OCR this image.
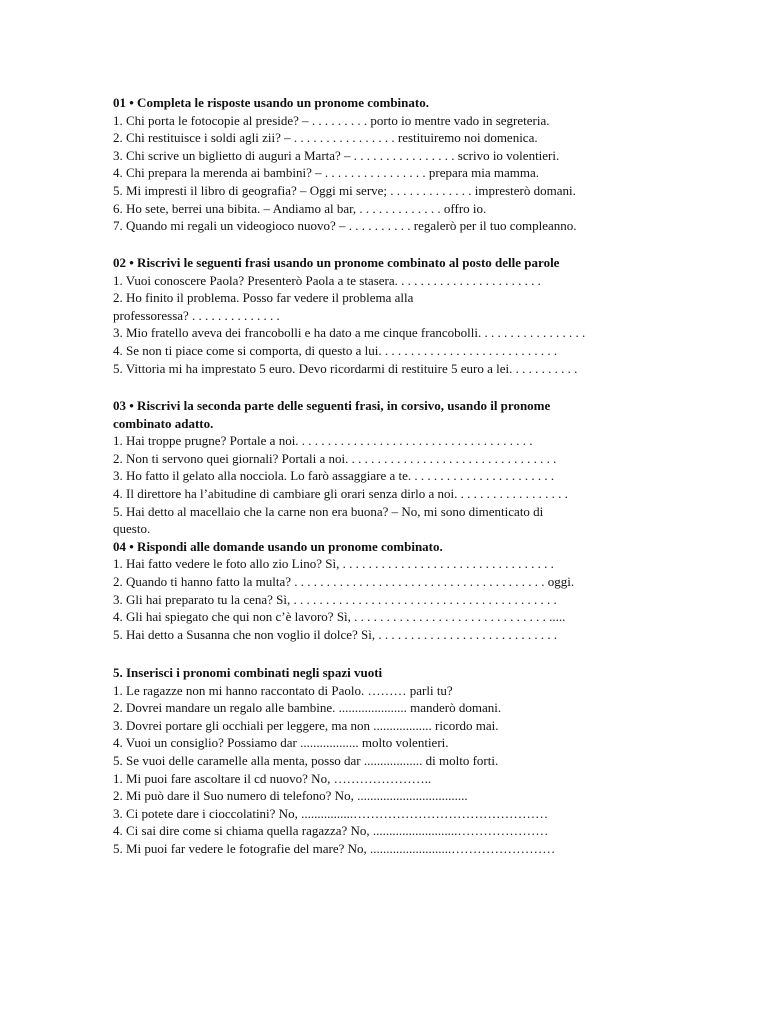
01 • Completa le risposte usando un pronome combinato.
1. Chi porta le fotocopie al preside? – . . . . . . . . . porto io mentre vado in segreteria.
2. Chi restituisce i soldi agli zii? – . . . . . . . . . . . . . . . . restituiremo noi domenica.
3. Chi scrive un biglietto di auguri a Marta? – . . . . . . . . . . . . . . . . scrivo io volentieri.
4. Chi prepara la merenda ai bambini? – . . . . . . . . . . . . . . . . prepara mia mamma.
5. Mi impresti il libro di geografia? – Oggi mi serve; . . . . . . . . . . . . . impresterò domani.
6. Ho sete, berrei una bibita. – Andiamo al bar, . . . . . . . . . . . . . offro io.
7. Quando mi regali un videogioco nuovo? – . . . . . . . . . . regalerò per il tuo compleanno.
02 • Riscrivi le seguenti frasi usando un pronome combinato al posto delle parole
1. Vuoi conoscere Paola? Presenterò Paola a te stasera. . . . . . . . . . . . . . . . . . . . . . .
2. Ho finito il problema. Posso far vedere il problema alla
professoressa? . . . . . . . . . . . . . .
3. Mio fratello aveva dei francobolli e ha dato a me cinque francobolli. . . . . . . . . . . . . . . . .
4. Se non ti piace come si comporta, di questo a lui. . . . . . . . . . . . . . . . . . . . . . . . . . . .
5. Vittoria mi ha imprestato 5 euro. Devo ricordarmi di restituire 5 euro a lei. . . . . . . . . . .
03 • Riscrivi la seconda parte delle seguenti frasi, in corsivo, usando il pronome
combinato adatto.
1. Hai troppe prugne? Portale a noi. . . . . . . . . . . . . . . . . . . . . . . . . . . . . . . . . . . . .
2. Non ti servono quei giornali? Portali a noi. . . . . . . . . . . . . . . . . . . . . . . . . . . . . . . . .
3. Ho fatto il gelato alla nocciola. Lo farò assaggiare a te. . . . . . . . . . . . . . . . . . . . . . .
4. Il direttore ha l’abitudine di cambiare gli orari senza dirlo a noi. . . . . . . . . . . . . . . . . .
5. Hai detto al macellaio che la carne non era buona? – No, mi sono dimenticato di
questo.
04 • Rispondi alle domande usando un pronome combinato.
1. Hai fatto vedere le foto allo zio Lino? Sì, . . . . . . . . . . . . . . . . . . . . . . . . . . . . . . . . .
2. Quando ti hanno fatto la multa? . . . . . . . . . . . . . . . . . . . . . . . . . . . . . . . . . . . . . . . oggi.
3. Gli hai preparato tu la cena? Sì, . . . . . . . . . . . . . . . . . . . . . . . . . . . . . . . . . . . . . . . . .
4. Gli hai spiegato che qui non c’è lavoro? Sì, . . . . . . . . . . . . . . . . . . . . . . . . . . . . . . .....
5. Hai detto a Susanna che non voglio il dolce? Sì, . . . . . . . . . . . . . . . . . . . . . . . . . . . .
5. Inserisci i pronomi combinati negli spazi vuoti
1. Le ragazze non mi hanno raccontato di Paolo. ……… parli tu?
2. Dovrei mandare un regalo alle bambine. ..................... manderò domani.
3. Dovrei portare gli occhiali per leggere, ma non .................. ricordo mai.
4. Vuoi un consiglio? Possiamo dar .................. molto volentieri.
5. Se vuoi delle caramelle alla menta, posso dar .................. di molto forti.
1. Mi puoi fare ascoltare il cd nuovo? No, …………………..
2. Mi può dare il Suo numero di telefono? No, ..................................
3. Ci potete dare i cioccolatini? No, ................………………………………………
4. Ci sai dire come si chiama quella ragazza? No, ..........................…………………
5. Mi puoi far vedere le fotografie del mare? No, .........................……………………
